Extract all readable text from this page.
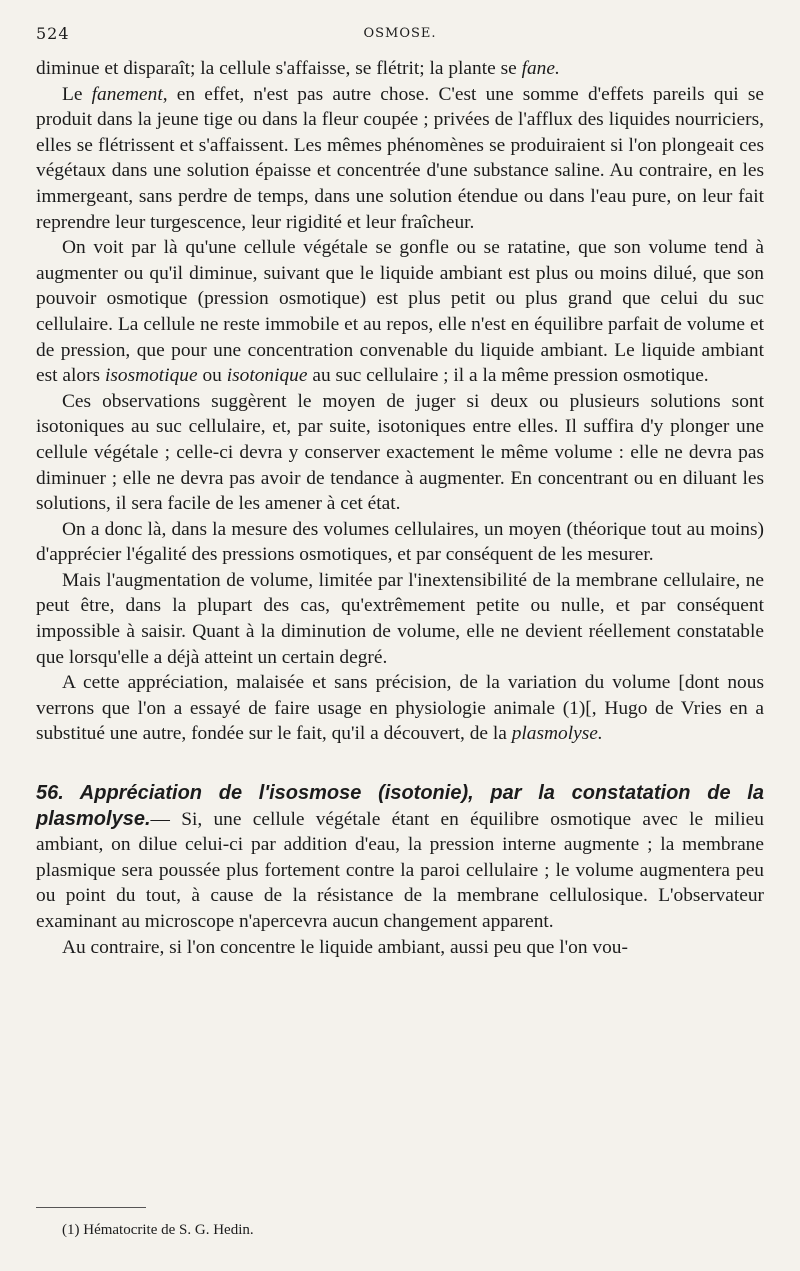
524	OSMOSE.

diminue et disparaît; la cellule s'affaisse, se flétrit; la plante se fane.

Le fanement, en effet, n'est pas autre chose. C'est une somme d'effets pareils qui se produit dans la jeune tige ou dans la fleur coupée ; privées de l'afflux des liquides nourriciers, elles se flétrissent et s'affaissent. Les mêmes phénomènes se produiraient si l'on plongeait ces végétaux dans une solution épaisse et concentrée d'une substance saline. Au contraire, en les immergeant, sans perdre de temps, dans une solution étendue ou dans l'eau pure, on leur fait reprendre leur turgescence, leur rigidité et leur fraîcheur.

On voit par là qu'une cellule végétale se gonfle ou se ratatine, que son volume tend à augmenter ou qu'il diminue, suivant que le liquide ambiant est plus ou moins dilué, que son pouvoir osmotique (pression osmotique) est plus petit ou plus grand que celui du suc cellulaire. La cellule ne reste immobile et au repos, elle n'est en équilibre parfait de volume et de pression, que pour une concentration convenable du liquide ambiant. Le liquide ambiant est alors isosmotique ou isotonique au suc cellulaire ; il a la même pression osmotique.

Ces observations suggèrent le moyen de juger si deux ou plusieurs solutions sont isotoniques au suc cellulaire, et, par suite, isotoniques entre elles. Il suffira d'y plonger une cellule végétale ; celle-ci devra y conserver exactement le même volume : elle ne devra pas diminuer ; elle ne devra pas avoir de tendance à augmenter. En concentrant ou en diluant les solutions, il sera facile de les amener à cet état.

On a donc là, dans la mesure des volumes cellulaires, un moyen (théorique tout au moins) d'apprécier l'égalité des pressions osmotiques, et par conséquent de les mesurer.

Mais l'augmentation de volume, limitée par l'inextensibilité de la membrane cellulaire, ne peut être, dans la plupart des cas, qu'extrêmement petite ou nulle, et par conséquent impossible à saisir. Quant à la diminution de volume, elle ne devient réellement constatable que lorsqu'elle a déjà atteint un certain degré.

A cette appréciation, malaisée et sans précision, de la variation du volume [dont nous verrons que l'on a essayé de faire usage en physiologie animale (1)[, Hugo de Vries en a substitué une autre, fondée sur le fait, qu'il a découvert, de la plasmolyse.

56. Appréciation de l'isosmose (isotonie), par la constatation de la plasmolyse.— Si, une cellule végétale étant en équilibre osmotique avec le milieu ambiant, on dilue celui-ci par addition d'eau, la pression interne augmente ; la membrane plasmique sera poussée plus fortement contre la paroi cellulaire ; le volume augmentera peu ou point du tout, à cause de la résistance de la membrane cellulosique. L'observateur examinant au microscope n'apercevra aucun changement apparent.

Au contraire, si l'on concentre le liquide ambiant, aussi peu que l'on vou-

(1) Hématocrite de S. G. Hedin.
